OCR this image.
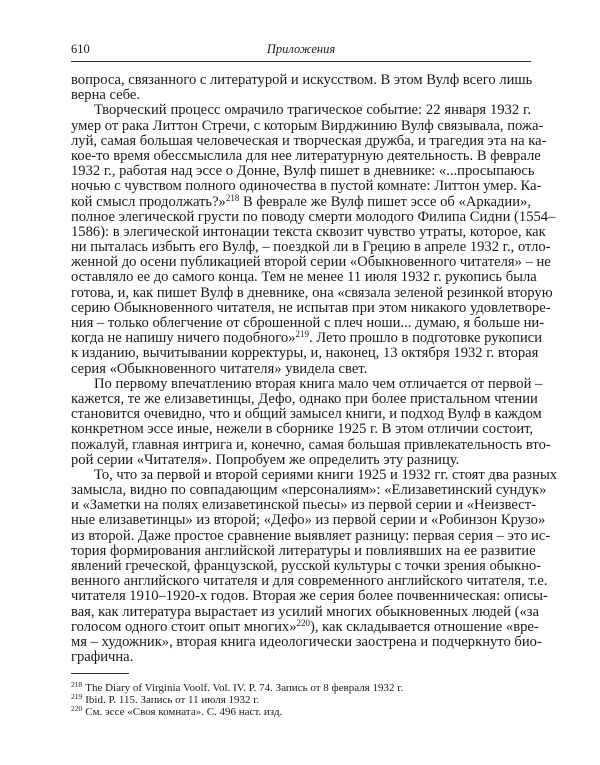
610	Приложения
вопроса, связанного с литературой и искусством. В этом Вулф всего лишь
верна себе.
Творческий процесс омрачило трагическое событие: 22 января 1932 г.
умер от рака Литтон Стречи, с которым Вирджинию Вулф связывала, пожа-
луй, самая большая человеческая и творческая дружба, и трагедия эта на ка-
кое-то время обессмыслила для нее литературную деятельность. В феврале
1932 г., работая над эссе о Донне, Вулф пишет в дневнике: «...просыпаюсь
ночью с чувством полного одиночества в пустой комнате: Литтон умер. Ка-
кой смысл продолжать?»$^{218}$ В феврале же Вулф пишет эссе об «Аркадии»,
полное элегической грусти по поводу смерти молодого Филипа Сидни (1554–
1586): в элегической интонации текста сквозит чувство утраты, которое, как
ни пыталась избыть его Вулф, – поездкой ли в Грецию в апреле 1932 г., отло-
женной до осени публикацией второй серии «Обыкновенного читателя» – не
оставляло ее до самого конца. Тем не менее 11 июля 1932 г. рукопись была
готова, и, как пишет Вулф в дневнике, она «связала зеленой резинкой вторую
серию Обыкновенного читателя, не испытав при этом никакого удовлетворе-
ния – только облегчение от сброшенной с плеч ноши... думаю, я больше ни-
когда не напишу ничего подобного»$^{219}$. Лето прошло в подготовке рукописи
к изданию, вычитывании корректуры, и, наконец, 13 октября 1932 г. вторая
серия «Обыкновенного читателя» увидела свет.
По первому впечатлению вторая книга мало чем отличается от первой –
кажется, те же елизаветинцы, Дефо, однако при более пристальном чтении
становится очевидно, что и общий замысел книги, и подход Вулф в каждом
конкретном эссе иные, нежели в сборнике 1925 г. В этом отличии состоит,
пожалуй, главная интрига и, конечно, самая большая привлекательность вто-
рой серии «Читателя». Попробуем же определить эту разницу.
То, что за первой и второй сериями книги 1925 и 1932 гг. стоят два разных
замысла, видно по совпадающим «персоналиям»: «Елизаветинский сундук»
и «Заметки на полях елизаветинской пьесы» из первой серии и «Неизвест-
ные елизаветинцы» из второй; «Дефо» из первой серии и «Робинзон Крузо»
из второй. Даже простое сравнение выявляет разницу: первая серия – это ис-
тория формирования английской литературы и повлиявших на ее развитие
явлений греческой, французской, русской культуры с точки зрения обыкно-
венного английского читателя и для современного английского читателя, т.е.
читателя 1910–1920-х годов. Вторая же серия более почвенническая: описы-
вая, как литература вырастает из усилий многих обыкновенных людей («за
голосом одного стоит опыт многих»$^{220}$), как складывается отношение «вре-
мя – художник», вторая книга идеологически заострена и подчеркнуто био-
графична.
$^{218}$ The Diary of Virginia Voolf. Vol. IV. P. 74. Запись от 8 февраля 1932 г.
$^{219}$ Ibid. P. 115. Запись от 11 июля 1932 г.
$^{220}$ См. эссе «Своя комната». С. 496 наст. изд.
